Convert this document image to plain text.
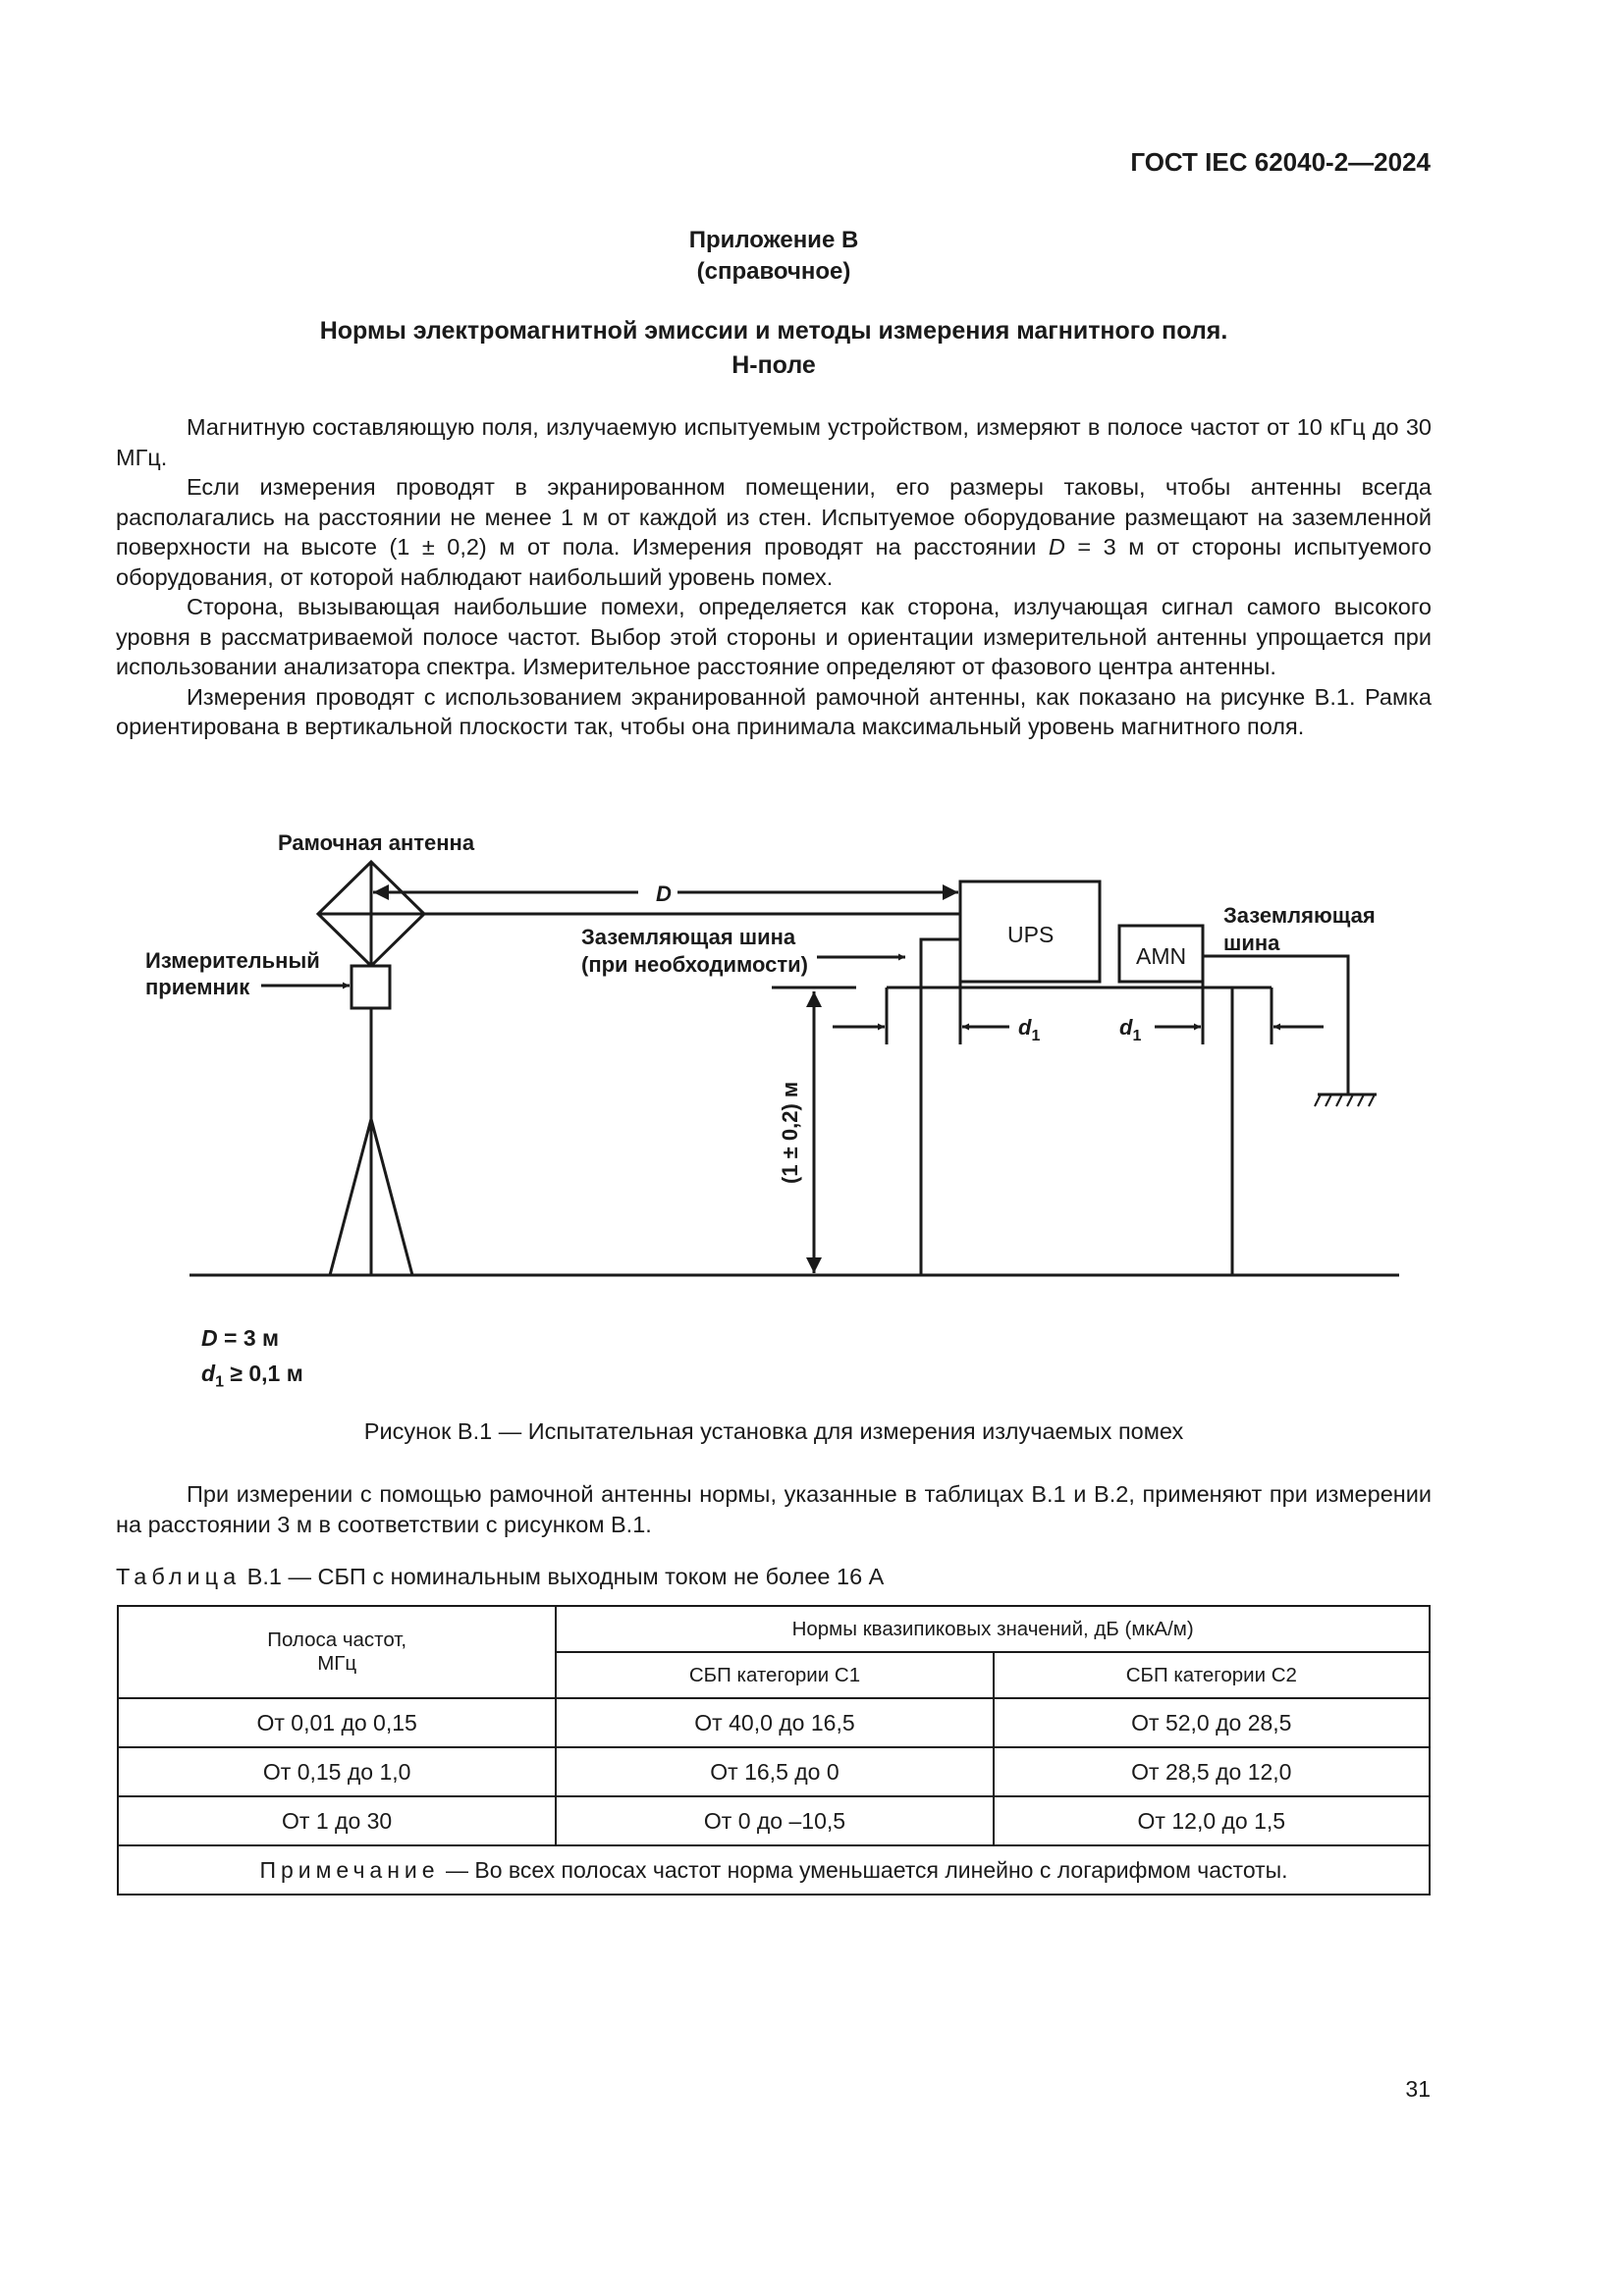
ГОСТ IEC 62040-2—2024
Приложение B
(справочное)
Нормы электромагнитной эмиссии и методы измерения магнитного поля.
Н-поле

Магнитную составляющую поля, излучаемую испытуемым устройством, измеряют в полосе частот от 10 кГц до 30 МГц.

Если измерения проводят в экранированном помещении, его размеры таковы, чтобы антенны всегда располагались на расстоянии не менее 1 м от каждой из стен. Испытуемое оборудование размещают на заземленной поверхности на высоте (1 ± 0,2) м от пола. Измерения проводят на расстоянии D = 3 м от стороны испытуемого оборудования, от которой наблюдают наибольший уровень помех.

Сторона, вызывающая наибольшие помехи, определяется как сторона, излучающая сигнал самого высокого уровня в рассматриваемой полосе частот. Выбор этой стороны и ориентации измерительной антенны упрощается при использовании анализатора спектра. Измерительное расстояние определяют от фазового центра антенны.

Измерения проводят с использованием экранированной рамочной антенны, как показано на рисунке B.1. Рамка ориентирована в вертикальной плоскости так, чтобы она принимала максимальный уровень магнитного поля.

Рамочная антенна
Измерительный
приемник
D
Заземляющая шина
(при необходимости)
UPS
AMN
Заземляющая
шина
(1 ± 0,2) м
$d_1$	$d_1$
D = 3 м
$d_1 \ge 0,1$ м
Рисунок B.1 — Испытательная установка для измерения излучаемых помех

При измерении с помощью рамочной антенны нормы, указанные в таблицах B.1 и B.2, применяют при измерении на расстоянии 3 м в соответствии с рисунком B.1.

Таблица B.1 — СБП с номинальным выходным током не более 16 А
Полоса частот,
МГц	Нормы квазипиковых значений, дБ (мкА/м)	
	СБП категории С1	СБП категории С2
От 0,01 до 0,15	От 40,0 до 16,5	От 52,0 до 28,5
От 0,15 до 1,0	От 16,5 до 0	От 28,5 до 12,0
От 1 до 30	От 0 до –10,5	От 12,0 до 1,5
Примечание — Во всех полосах частот норма уменьшается линейно с логарифмом частоты.		
31
